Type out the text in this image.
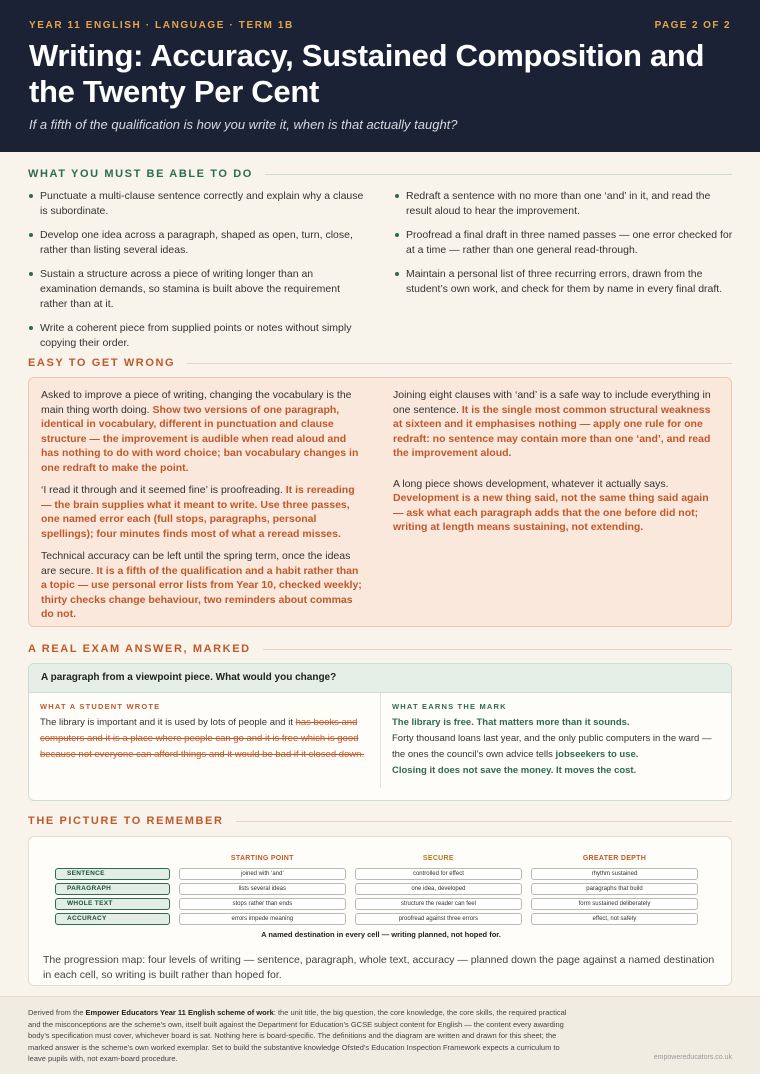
YEAR 11 ENGLISH · LANGUAGE · TERM 1B	PAGE 2 OF 2
Writing: Accuracy, Sustained Composition and the Twenty Per Cent
If a fifth of the qualification is how you write it, when is that actually taught?
WHAT YOU MUST BE ABLE TO DO
Punctuate a multi-clause sentence correctly and explain why a clause is subordinate.
Develop one idea across a paragraph, shaped as open, turn, close, rather than listing several ideas.
Sustain a structure across a piece of writing longer than an examination demands, so stamina is built above the requirement rather than at it.
Write a coherent piece from supplied points or notes without simply copying their order.
Redraft a sentence with no more than one ‘and’ in it, and read the result aloud to hear the improvement.
Proofread a final draft in three named passes — one error checked for at a time — rather than one general read-through.
Maintain a personal list of three recurring errors, drawn from the student’s own work, and check for them by name in every final draft.
EASY TO GET WRONG

Asked to improve a piece of writing, changing the vocabulary is the main thing worth doing. Show two versions of one paragraph, identical in vocabulary, different in punctuation and clause structure — the improvement is audible when read aloud and has nothing to do with word choice; ban vocabulary changes in one redraft to make the point.

‘I read it through and it seemed fine’ is proofreading. It is rereading — the brain supplies what it meant to write. Use three passes, one named error each (full stops, paragraphs, personal spellings); four minutes finds most of what a reread misses.

Technical accuracy can be left until the spring term, once the ideas are secure. It is a fifth of the qualification and a habit rather than a topic — use personal error lists from Year 10, checked weekly; thirty checks change behaviour, two reminders about commas do not.

Joining eight clauses with ‘and’ is a safe way to include everything in one sentence. It is the single most common structural weakness at sixteen and it emphasises nothing — apply one rule for one redraft: no sentence may contain more than one ‘and’, and read the improvement aloud.

A long piece shows development, whatever it actually says. Development is a new thing said, not the same thing said again — ask what each paragraph adds that the one before did not; writing at length means sustaining, not extending.

A REAL EXAM ANSWER, MARKED
A paragraph from a viewpoint piece. What would you change?
WHAT A STUDENT WROTE

The library is important and it is used by lots of people and it has books and computers and it is a place where people can go and it is free which is good because not everyone can afford things and it would be bad if it closed down.

WHAT EARNS THE MARK

The library is free. That matters more than it sounds.
Forty thousand loans last year, and the only public computers in the ward — the ones the council’s own advice tells jobseekers to use.
Closing it does not save the money. It moves the cost.

THE PICTURE TO REMEMBER
STARTING POINT	SECURE	GREATER DEPTH
SENTENCE	joined with ‘and’	controlled for effect	rhythm sustained
PARAGRAPH	lists several ideas	one idea, developed	paragraphs that build
WHOLE TEXT	stops rather than ends	structure the reader can feel	form sustained deliberately
ACCURACY	errors impede meaning	proofread against three errors	effect, not safety
A named destination in every cell — writing planned, not hoped for.

The progression map: four levels of writing — sentence, paragraph, whole text, accuracy — planned down the page against a named destination in each cell, so writing is built rather than hoped for.

Derived from the Empower Educators Year 11 English scheme of work: the unit title, the big question, the core knowledge, the core skills, the required practical and the misconceptions are the scheme’s own, itself built against the Department for Education’s GCSE subject content for English — the content every awarding body’s specification must cover, whichever board is sat. Nothing here is board-specific. The definitions and the diagram are written and drawn for this sheet; the marked answer is the scheme’s own worked exemplar. Set to build the substantive knowledge Ofsted’s Education Inspection Framework expects a curriculum to leave pupils with, not exam-board procedure.	empowereducators.co.uk
